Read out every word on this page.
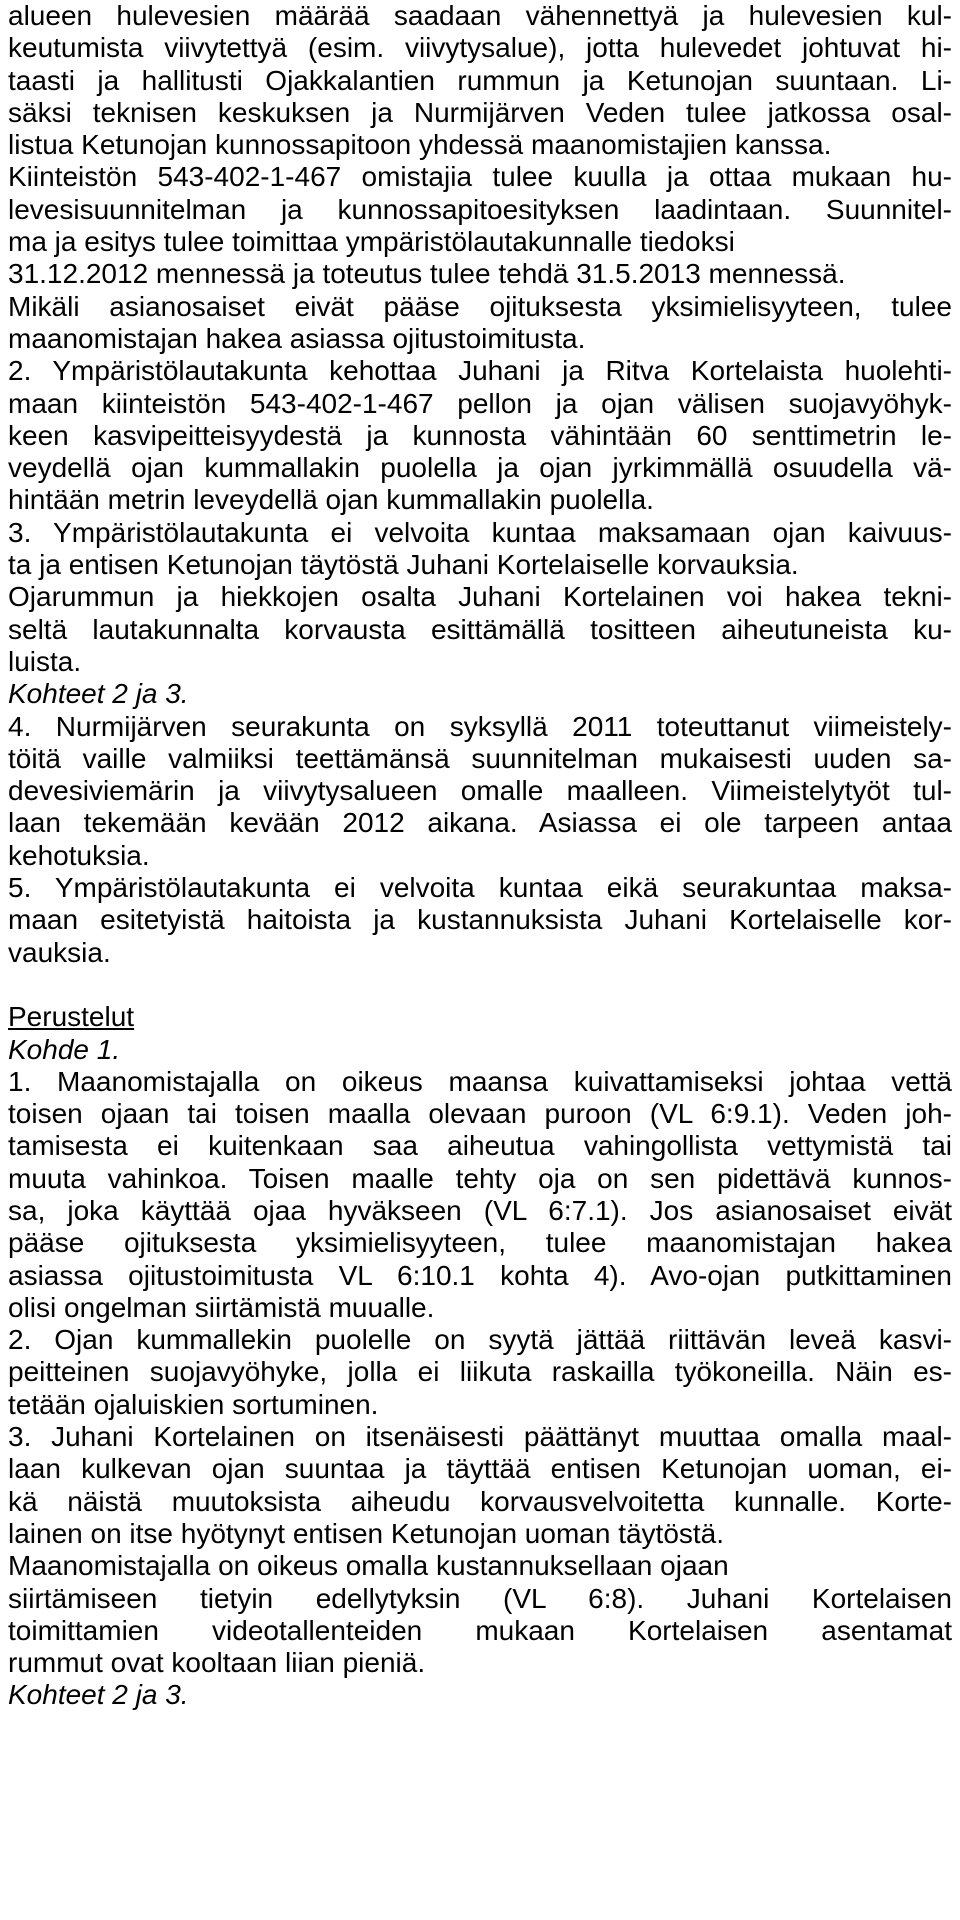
alueen hulevesien määrää saadaan vähennettyä ja hulevesien kul-
keutumista viivytettyä (esim. viivytysalue), jotta hulevedet johtuvat hi-
taasti ja hallitusti Ojakkalantien rummun ja Ketunojan suuntaan. Li-
säksi teknisen keskuksen ja Nurmijärven Veden tulee jatkossa osal-
listua Ketunojan kunnossapitoon yhdessä maanomistajien kanssa.
Kiinteistön 543-402-1-467 omistajia tulee kuulla ja ottaa mukaan hu-
levesisuunnitelman ja kunnossapitoesityksen laadintaan. Suunnitel-
ma ja esitys tulee toimittaa ympäristölautakunnalle tiedoksi
31.12.2012 mennessä ja toteutus tulee tehdä 31.5.2013 mennessä.
Mikäli asianosaiset eivät pääse ojituksesta yksimielisyyteen, tulee
maanomistajan hakea asiassa ojitustoimitusta.
2. Ympäristölautakunta kehottaa Juhani ja Ritva Kortelaista huolehti-
maan kiinteistön 543-402-1-467 pellon ja ojan välisen suojavyöhyk-
keen kasvipeitteisyydestä ja kunnosta vähintään 60 senttimetrin le-
veydellä ojan kummallakin puolella ja ojan jyrkimmällä osuudella vä-
hintään metrin leveydellä ojan kummallakin puolella.
3. Ympäristölautakunta ei velvoita kuntaa maksamaan ojan kaivuus-
ta ja entisen Ketunojan täytöstä Juhani Kortelaiselle korvauksia.
Ojarummun ja hiekkojen osalta Juhani Kortelainen voi hakea tekni-
seltä lautakunnalta korvausta esittämällä tositteen aiheutuneista ku-
luista.
Kohteet 2 ja 3.
4. Nurmijärven seurakunta on syksyllä 2011 toteuttanut viimeistely-
töitä vaille valmiiksi teettämänsä suunnitelman mukaisesti uuden sa-
devesiviemärin ja viivytysalueen omalle maalleen. Viimeistelytyöt tul-
laan tekemään kevään 2012 aikana. Asiassa ei ole tarpeen antaa
kehotuksia.
5. Ympäristölautakunta ei velvoita kuntaa eikä seurakuntaa maksa-
maan esitetyistä haitoista ja kustannuksista Juhani Kortelaiselle kor-
vauksia.
Perustelut
Kohde 1.
1. Maanomistajalla on oikeus maansa kuivattamiseksi johtaa vettä
toisen ojaan tai toisen maalla olevaan puroon (VL 6:9.1). Veden joh-
tamisesta ei kuitenkaan saa aiheutua vahingollista vettymistä tai
muuta vahinkoa. Toisen maalle tehty oja on sen pidettävä kunnos-
sa, joka käyttää ojaa hyväkseen (VL 6:7.1). Jos asianosaiset eivät
pääse ojituksesta yksimielisyyteen, tulee maanomistajan hakea
asiassa ojitustoimitusta VL 6:10.1 kohta 4). Avo-ojan putkittaminen
olisi ongelman siirtämistä muualle.
2. Ojan kummallekin puolelle on syytä jättää riittävän leveä kasvi-
peitteinen suojavyöhyke, jolla ei liikuta raskailla työkoneilla. Näin es-
tetään ojaluiskien sortuminen.
3. Juhani Kortelainen on itsenäisesti päättänyt muuttaa omalla maal-
laan kulkevan ojan suuntaa ja täyttää entisen Ketunojan uoman, ei-
kä näistä muutoksista aiheudu korvausvelvoitetta kunnalle. Korte-
lainen on itse hyötynyt entisen Ketunojan uoman täytöstä.
Maanomistajalla on oikeus omalla kustannuksellaan ojaan
siirtämiseen tietyin edellytyksin (VL 6:8). Juhani Kortelaisen
toimittamien videotallenteiden mukaan Kortelaisen asentamat
rummut ovat kooltaan liian pieniä.
Kohteet 2 ja 3.
